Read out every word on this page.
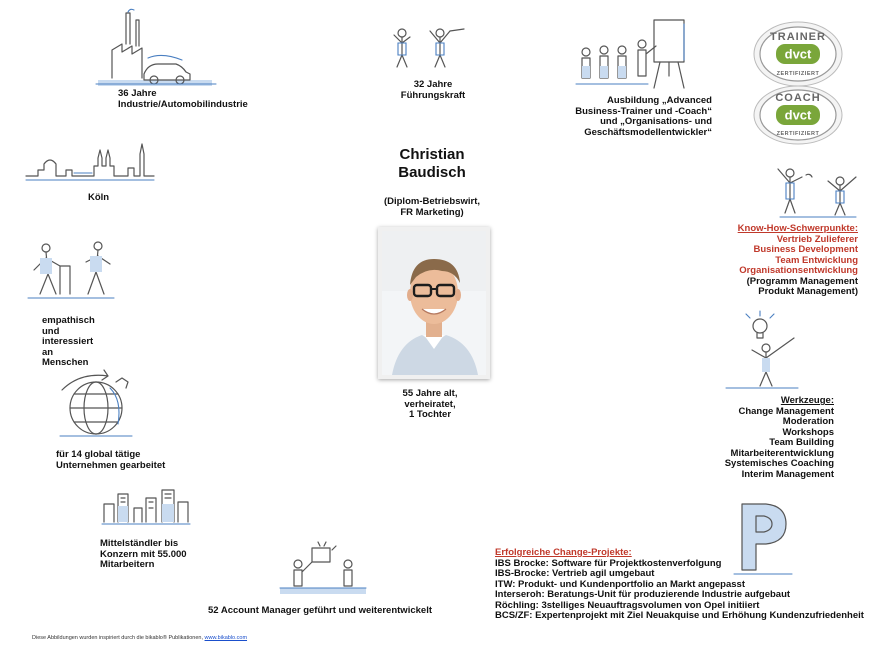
36 Jahre
Industrie/Automobilindustrie
32 Jahre
Führungskraft	Ausbildung „Advanced
Business-Trainer und -Coach“
und „Organisations- und
Geschäftsmodellentwickler“
TRAINER
dvct
ZERTIFIZIERT
COACH
dvct
ZERTIFIZIERT
Köln
Christian
Baudisch
(Diplom-Betriebswirt,
FR Marketing)
55 Jahre alt,
verheiratet,
1 Tochter
Know-How-Schwerpunkte:
Vertrieb Zulieferer
Business Development
Team Entwicklung
Organisationsentwicklung
(Programm Management
Produkt Management)
empathisch
und
interessiert
an
Menschen
Werkzeuge:
Change Management
Moderation
Workshops
Team Building
Mitarbeiterentwicklung
Systemisches Coaching
Interim Management
für 14 global tätige
Unternehmen gearbeitet
Mittelständler bis
Konzern mit 55.000
Mitarbeitern
52 Account Manager geführt und weiterentwickelt
Erfolgreiche Change-Projekte:
IBS Brocke: Software für Projektkostenverfolgung
IBS-Brocke: Vertrieb agil umgebaut
ITW: Produkt- und Kundenportfolio an Markt angepasst
Interseroh: Beratungs-Unit für produzierende Industrie aufgebaut
Röchling: 3stelliges Neuauftragsvolumen von Opel initiiert
BCS/ZF: Expertenprojekt mit Ziel Neuakquise und Erhöhung Kundenzufriedenheit
Diese Abbildungen wurden inspiriert durch die bikablo® Publikationen, www.bikablo.com
